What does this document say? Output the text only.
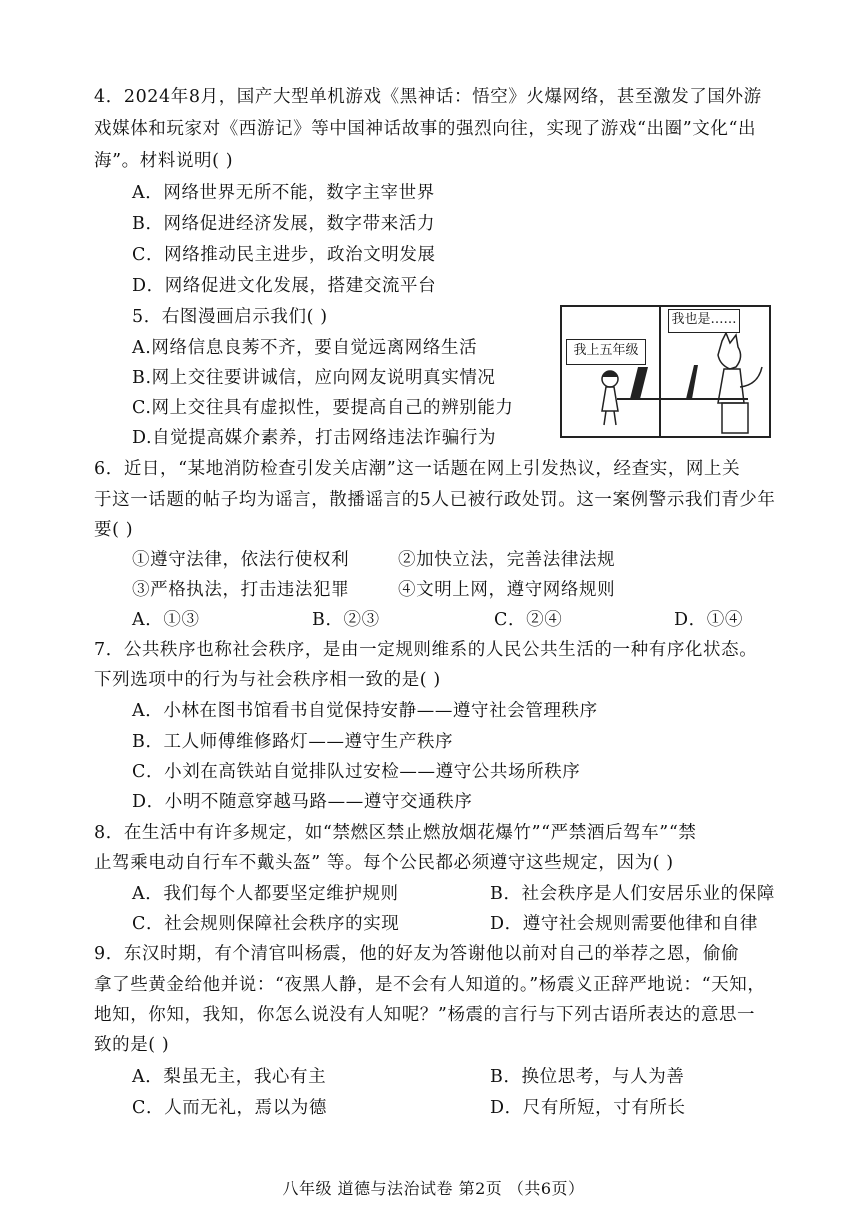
4．2024年8月，国产大型单机游戏《黑神话：悟空》火爆网络，甚至激发了国外游
戏媒体和玩家对《西游记》等中国神话故事的强烈向往，实现了游戏“出圈”文化“出
海”。材料说明( )
A．网络世界无所不能，数字主宰世界
B．网络促进经济发展，数字带来活力
C．网络推动民主进步，政治文明发展
D．网络促进文化发展，搭建交流平台
5．右图漫画启示我们( )
A.网络信息良莠不齐，要自觉远离网络生活
B.网上交往要讲诚信，应向网友说明真实情况
C.网上交往具有虚拟性，要提高自己的辨别能力
D.自觉提高媒介素养，打击网络违法诈骗行为
我上五年级
我也是……
6．近日，“某地消防检查引发关店潮”这一话题在网上引发热议，经查实，网上关
于这一话题的帖子均为谣言，散播谣言的5人已被行政处罚。这一案例警示我们青少年
要( )
①遵守法律，依法行使权利	②加快立法，完善法律法规
③严格执法，打击违法犯罪	④文明上网，遵守网络规则
A．①③	B．②③	C．②④	D．①④
7．公共秩序也称社会秩序，是由一定规则维系的人民公共生活的一种有序化状态。
下列选项中的行为与社会秩序相一致的是( )
A．小林在图书馆看书自觉保持安静——遵守社会管理秩序
B．工人师傅维修路灯——遵守生产秩序
C．小刘在高铁站自觉排队过安检——遵守公共场所秩序
D．小明不随意穿越马路——遵守交通秩序
8．在生活中有许多规定，如“禁燃区禁止燃放烟花爆竹”“严禁酒后驾车”“禁
止驾乘电动自行车不戴头盔” 等。每个公民都必须遵守这些规定，因为( )
A．我们每个人都要坚定维护规则	B．社会秩序是人们安居乐业的保障
C．社会规则保障社会秩序的实现	D．遵守社会规则需要他律和自律
9．东汉时期，有个清官叫杨震，他的好友为答谢他以前对自己的举荐之恩，偷偷
拿了些黄金给他并说：“夜黑人静，是不会有人知道的。”杨震义正辞严地说：“天知，
地知，你知，我知，你怎么说没有人知呢？”杨震的言行与下列古语所表达的意思一
致的是( )
A．梨虽无主，我心有主	B．换位思考，与人为善
C．人而无礼，焉以为德	D．尺有所短，寸有所长
八年级 道德与法治试卷 第2页 （共6页）
